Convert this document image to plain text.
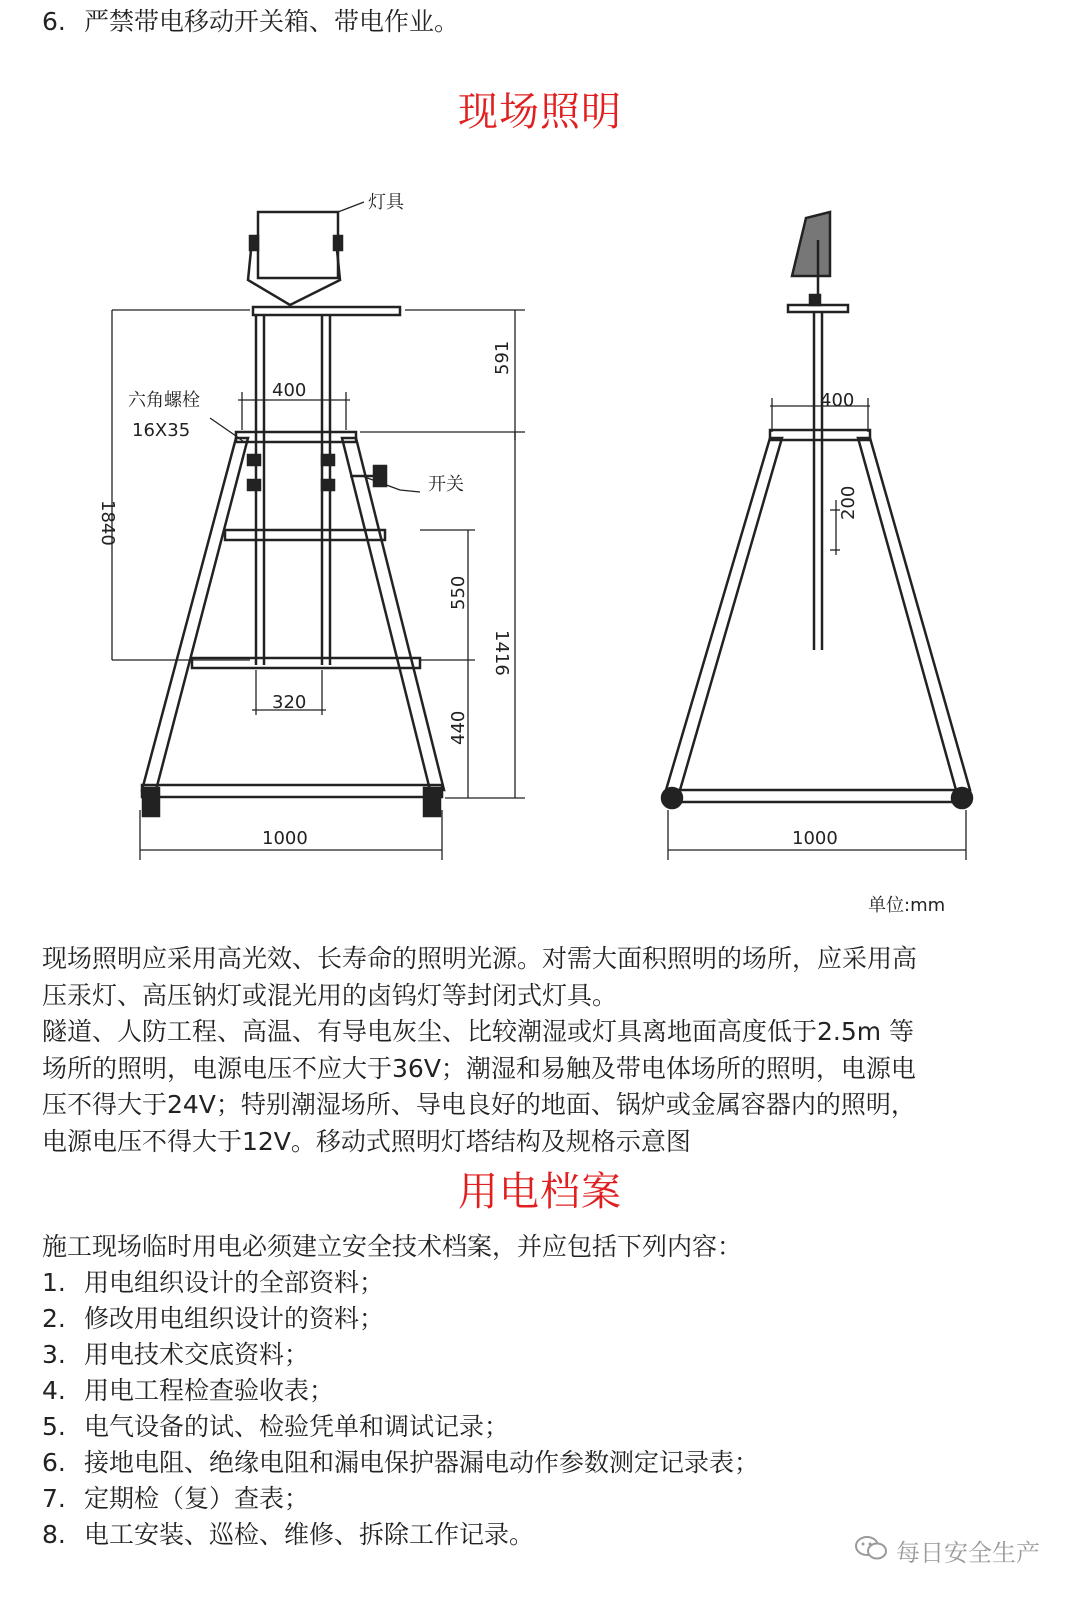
6. 严禁带电移动开关箱、带电作业。
现场照明
灯具
六角螺栓
16X35
开关
单位:mm
400
591
1840
550
1416
320
440
1000
400
200
1000
现场照明应采用高光效、长寿命的照明光源。对需大面积照明的场所，应采用高
压汞灯、高压钠灯或混光用的卤钨灯等封闭式灯具。
隧道、人防工程、高温、有导电灰尘、比较潮湿或灯具离地面高度低于2.5m 等
场所的照明，电源电压不应大于36V；潮湿和易触及带电体场所的照明，电源电
压不得大于24V；特别潮湿场所、导电良好的地面、锅炉或金属容器内的照明，
电源电压不得大于12V。移动式照明灯塔结构及规格示意图
用电档案
施工现场临时用电必须建立安全技术档案，并应包括下列内容：
1. 用电组织设计的全部资料；
2. 修改用电组织设计的资料；
3. 用电技术交底资料；
4. 用电工程检查验收表；
5. 电气设备的试、检验凭单和调试记录；
6. 接地电阻、绝缘电阻和漏电保护器漏电动作参数测定记录表；
7. 定期检（复）查表；
8. 电工安装、巡检、维修、拆除工作记录。
每日安全生产
